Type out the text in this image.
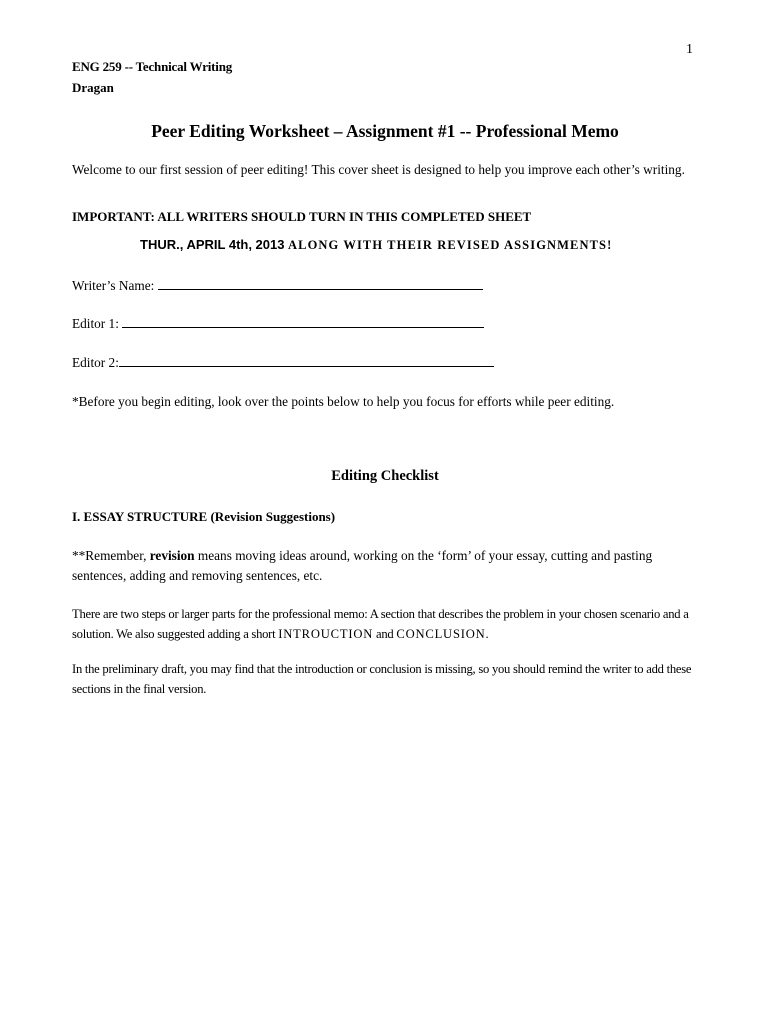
1
ENG 259 -- Technical Writing
Dragan
Peer Editing Worksheet – Assignment #1 -- Professional Memo

Welcome to our first session of peer editing! This cover sheet is designed to help you improve each other’s writing.

IMPORTANT: ALL WRITERS SHOULD TURN IN THIS COMPLETED SHEET
THUR., APRIL 4th, 2013 ALONG WITH THEIR REVISED ASSIGNMENTS!
Writer’s Name:
Editor 1:
Editor 2:

*Before you begin editing, look over the points below to help you focus for efforts while peer editing.

Editing Checklist
I. ESSAY STRUCTURE (Revision Suggestions)

**Remember, revision means moving ideas around, working on the ‘form’ of your essay, cutting and pasting sentences, adding and removing sentences, etc.

There are two steps or larger parts for the professional memo: A section that describes the problem in your chosen scenario and a solution. We also suggested adding a short INTROUCTION and CONCLUSION.

In the preliminary draft, you may find that the introduction or conclusion is missing, so you should remind the writer to add these sections in the final version.
